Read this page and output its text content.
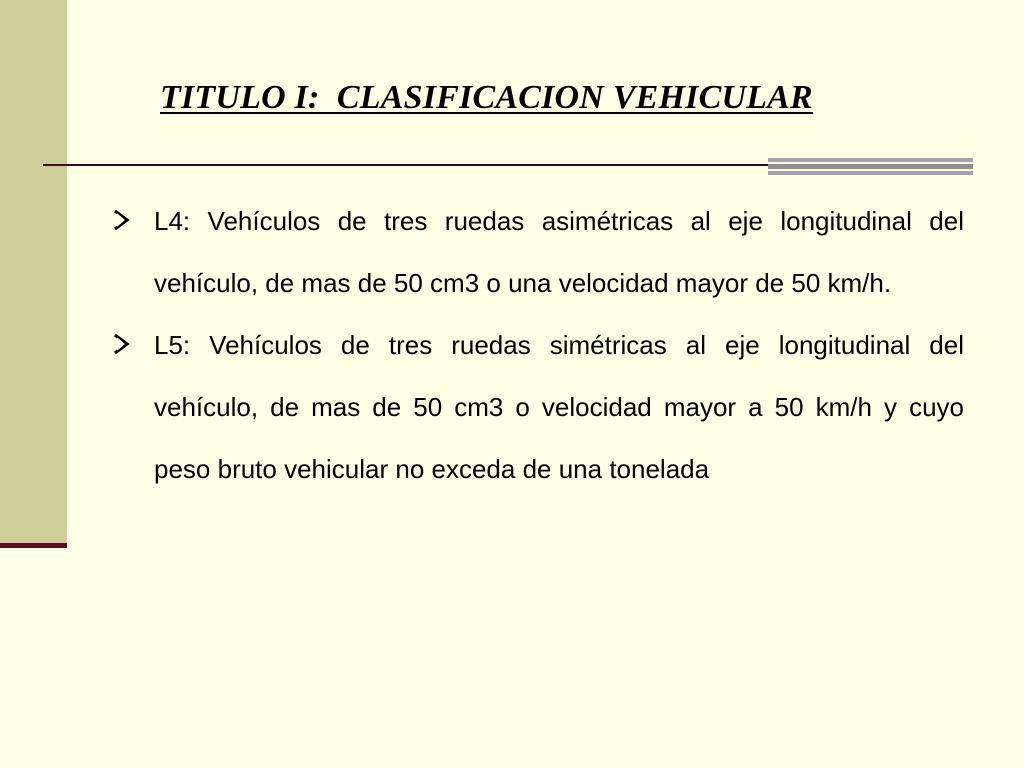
TITULO I:  CLASIFICACION VEHICULAR
L4: Vehículos de tres ruedas asimétricas al eje longitudinal del vehículo, de mas de 50 cm3 o una velocidad mayor de 50 km/h.
L5: Vehículos de tres ruedas simétricas al eje longitudinal del vehículo, de mas de 50 cm3 o velocidad mayor a 50 km/h y cuyo peso bruto vehicular no exceda de una tonelada
